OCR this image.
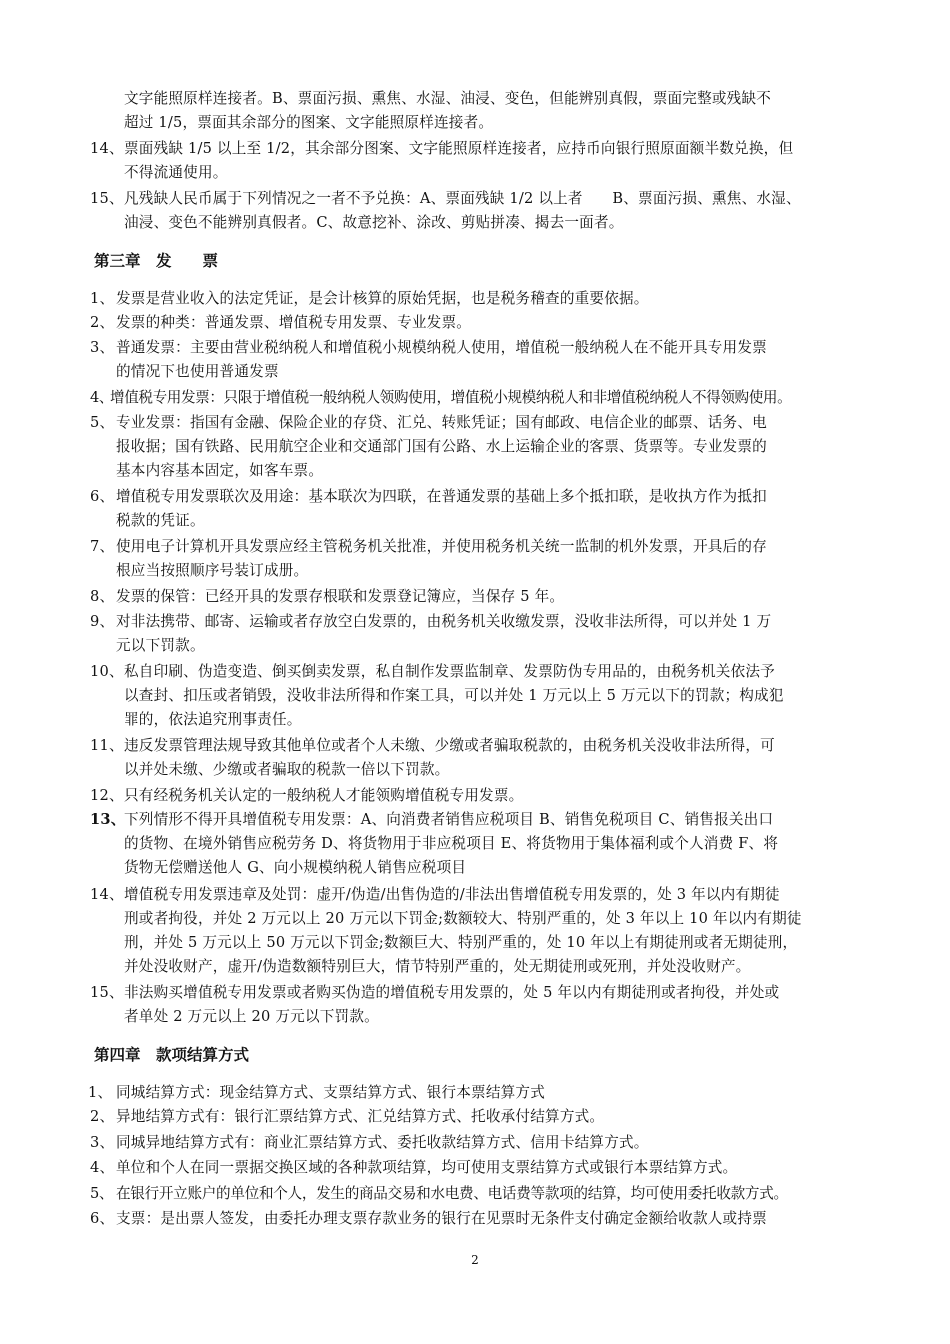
文字能照原样连接者。B、票面污损、熏焦、水湿、油浸、变色，但能辨别真假，票面完整或残缺不
超过 1/5，票面其余部分的图案、文字能照原样连接者。
14、 票面残缺 1/5 以上至 1/2，其余部分图案、文字能照原样连接者，应持币向银行照原面额半数兑换，但
不得流通使用。
15、 凡残缺人民币属于下列情况之一者不予兑换：A、票面残缺 1/2 以上者　　B、票面污损、熏焦、水湿、
油浸、变色不能辨别真假者。C、故意挖补、涂改、剪贴拼凑、揭去一面者。
第三章　发　　票
1、 发票是营业收入的法定凭证，是会计核算的原始凭据，也是税务稽查的重要依据。
2、 发票的种类：普通发票、增值税专用发票、专业发票。
3、 普通发票：主要由营业税纳税人和增值税小规模纳税人使用，增值税一般纳税人在不能开具专用发票
的情况下也使用普通发票
4、
增值税专用发票：只限于增值税一般纳税人领购使用，增值税小规模纳税人和非增值税纳税人不得领购使用。
5、 专业发票：指国有金融、保险企业的存贷、汇兑、转账凭证；国有邮政、电信企业的邮票、话务、电
报收据；国有铁路、民用航空企业和交通部门国有公路、水上运输企业的客票、货票等。专业发票的
基本内容基本固定，如客车票。
6、 增值税专用发票联次及用途：基本联次为四联，在普通发票的基础上多个抵扣联，是收执方作为抵扣
税款的凭证。
7、 使用电子计算机开具发票应经主管税务机关批准，并使用税务机关统一监制的机外发票，开具后的存
根应当按照顺序号装订成册。
8、 发票的保管：已经开具的发票存根联和发票登记簿应，当保存 5 年。
9、 对非法携带、邮寄、运输或者存放空白发票的，由税务机关收缴发票，没收非法所得，可以并处 1 万
元以下罚款。
10、 私自印刷、伪造变造、倒买倒卖发票，私自制作发票监制章、发票防伪专用品的，由税务机关依法予
以查封、扣压或者销毁，没收非法所得和作案工具，可以并处 1 万元以上 5 万元以下的罚款；构成犯
罪的，依法追究刑事责任。
11、 违反发票管理法规导致其他单位或者个人未缴、少缴或者骗取税款的，由税务机关没收非法所得，可
以并处未缴、少缴或者骗取的税款一倍以下罚款。
12、 只有经税务机关认定的一般纳税人才能领购增值税专用发票。
13、
下列情形不得开具增值税专用发票：A、向消费者销售应税项目 B、销售免税项目 C、销售报关出口
的货物、在境外销售应税劳务 D、将货物用于非应税项目 E、将货物用于集体福利或个人消费 F、将
货物无偿赠送他人 G、向小规模纳税人销售应税项目
14、 增值税专用发票违章及处罚：虚开/伪造/出售伪造的/非法出售增值税专用发票的，处 3 年以内有期徒
刑或者拘役，并处 2 万元以上 20 万元以下罚金;数额较大、特别严重的，处 3 年以上 10 年以内有期徒
刑，并处 5 万元以上 50 万元以下罚金;数额巨大、特别严重的，处 10 年以上有期徒刑或者无期徒刑，
并处没收财产，虚开/伪造数额特别巨大，情节特别严重的，处无期徒刑或死刑，并处没收财产。
15、 非法购买增值税专用发票或者购买伪造的增值税专用发票的，处 5 年以内有期徒刑或者拘役，并处或
者单处 2 万元以上 20 万元以下罚款。
第四章　款项结算方式
1、 同城结算方式：现金结算方式、支票结算方式、银行本票结算方式
2、 异地结算方式有：银行汇票结算方式、汇兑结算方式、托收承付结算方式。
3、 同城异地结算方式有：商业汇票结算方式、委托收款结算方式、信用卡结算方式。
4、 单位和个人在同一票据交换区域的各种款项结算，均可使用支票结算方式或银行本票结算方式。
5、 在银行开立账户的单位和个人，发生的商品交易和水电费、电话费等款项的结算，均可使用委托收款方式。
6、 支票：是出票人签发，由委托办理支票存款业务的银行在见票时无条件支付确定金额给收款人或持票
2
